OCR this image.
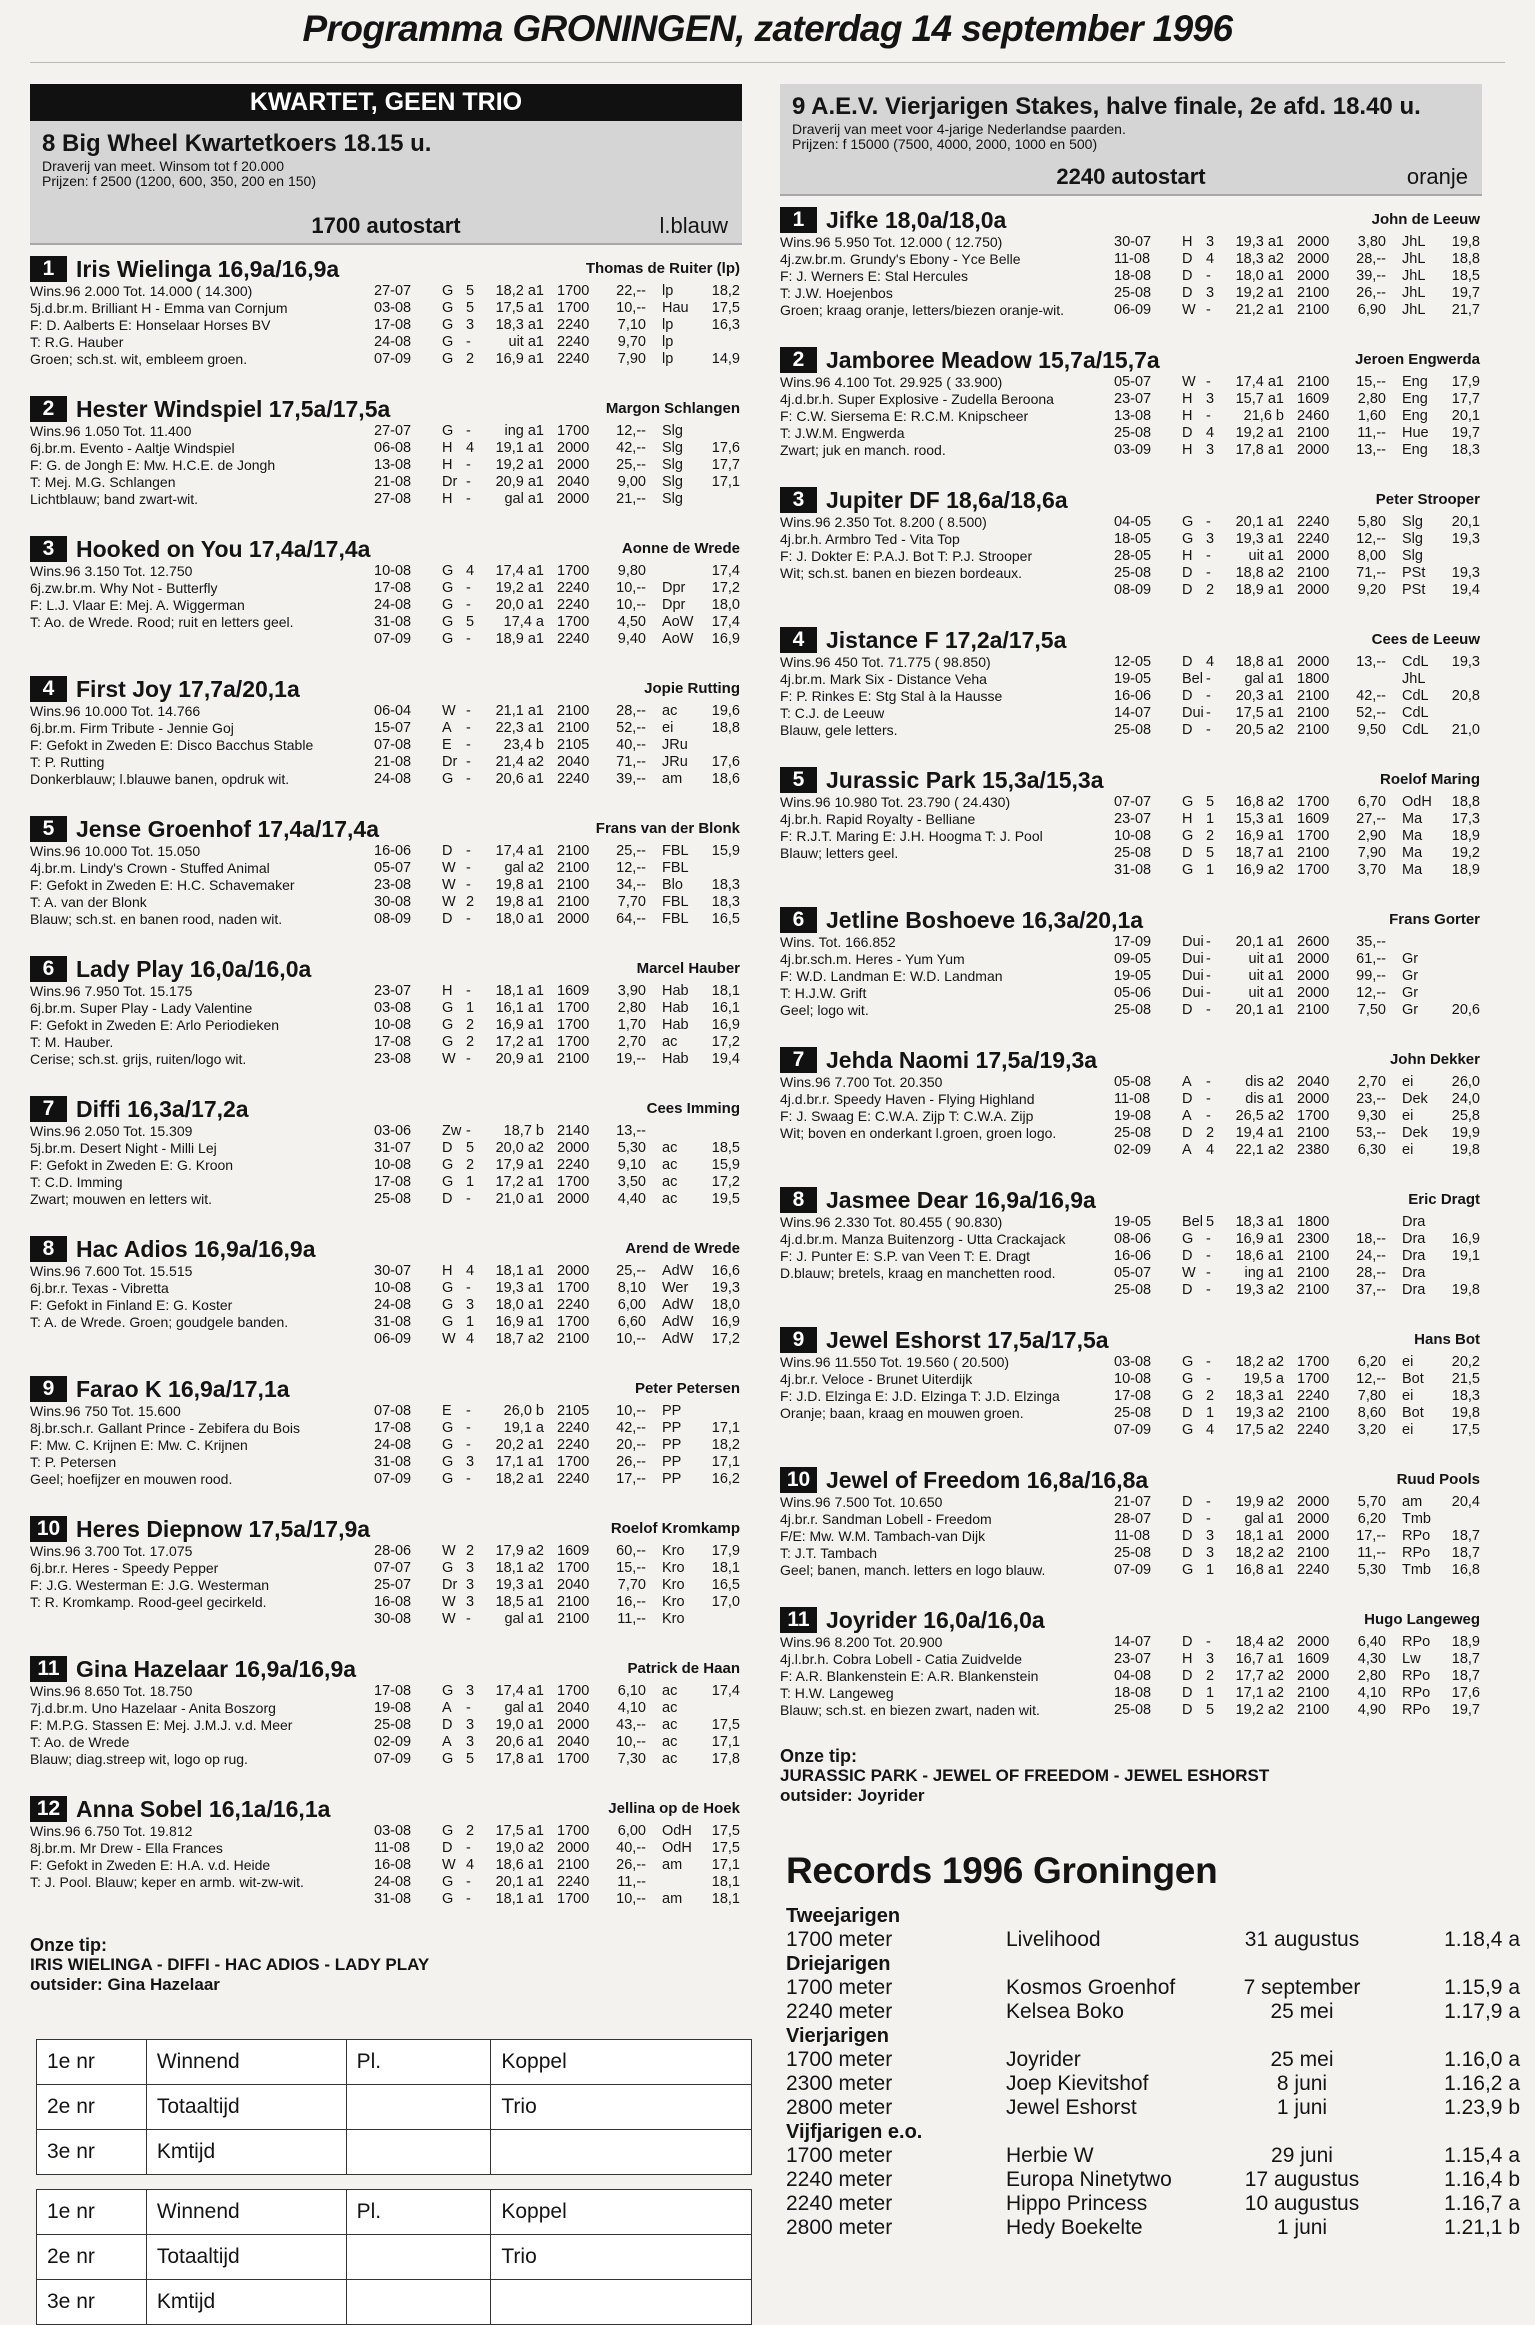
Programma GRONINGEN, zaterdag 14 september 1996
KWARTET, GEEN TRIO
8 Big Wheel Kwartetkoers 18.15 u.
Draverij van meet. Winsom tot f 20.000
Prijzen: f 2500 (1200, 600, 350, 200 en 150)
1700 autostart	l.blauw
1 Iris Wielinga 16,9a/16,9a	Thomas de Ruiter (lp)
Wins.96 2.000 Tot. 14.000 ( 14.300)
5j.d.br.m. Brilliant H - Emma van Cornjum
F: D. Aalberts E: Honselaar Horses BV
T: R.G. Hauber
Groen; sch.st. wit, embleem groen.
27-07 G 5	18,2 a1 1700	22,-- lp	18,2
03-08 G 5	17,5 a1 1700	10,-- Hau	17,5
17-08 G 3	18,3 a1 2240	7,10 lp	16,3
24-08 G -	uit a1 2240	9,70 lp
07-09 G 2	16,9 a1 2240	7,90 lp	14,9
2 Hester Windspiel 17,5a/17,5a	Margon Schlangen
Wins.96 1.050 Tot. 11.400
6j.br.m. Evento - Aaltje Windspiel
F: G. de Jongh E: Mw. H.C.E. de Jongh
T: Mej. M.G. Schlangen
Lichtblauw; band zwart-wit.
27-07 G -	ing a1 1700	12,-- Slg
06-08 H 4	19,1 a1 2000	42,-- Slg	17,6
13-08 H -	19,2 a1 2000	25,-- Slg	17,7
21-08 Dr -	20,9 a1 2040	9,00 Slg	17,1
27-08 H -	gal a1 2000	21,-- Slg
3 Hooked on You 17,4a/17,4a	Aonne de Wrede
Wins.96 3.150 Tot. 12.750
6j.zw.br.m. Why Not - Butterfly
F: L.J. Vlaar E: Mej. A. Wiggerman
T: Ao. de Wrede. Rood; ruit en letters geel.
10-08 G 4	17,4 a1 1700	9,80	17,4
17-08 G -	19,2 a1 2240	10,-- Dpr	17,2
24-08 G -	20,0 a1 2240	10,-- Dpr	18,0
31-08 G 5	17,4 a 1700	4,50 AoW	17,4
07-09 G -	18,9 a1 2240	9,40 AoW	16,9
4 First Joy 17,7a/20,1a	Jopie Rutting
Wins.96 10.000 Tot. 14.766
6j.br.m. Firm Tribute - Jennie Goj
F: Gefokt in Zweden E: Disco Bacchus Stable
T: P. Rutting
Donkerblauw; l.blauwe banen, opdruk wit.
06-04 W -	21,1 a1 2100	28,-- ac	19,6
15-07 A -	22,3 a1 2100	52,-- ei	18,8
07-08 E -	23,4 b 2105	40,-- JRu
21-08 Dr -	21,4 a2 2040	71,-- JRu	17,6
24-08 G -	20,6 a1 2240	39,-- am	18,6
5 Jense Groenhof 17,4a/17,4a	Frans van der Blonk
Wins.96 10.000 Tot. 15.050
4j.br.m. Lindy's Crown - Stuffed Animal
F: Gefokt in Zweden E: H.C. Schavemaker
T: A. van der Blonk
Blauw; sch.st. en banen rood, naden wit.
16-06 D -	17,4 a1 2100	25,-- FBL	15,9
05-07 W -	gal a2 2100	12,-- FBL
23-08 W -	19,8 a1 2100	34,-- Blo	18,3
30-08 W 2	19,8 a1 2100	7,70 FBL	18,3
08-09 D -	18,0 a1 2000	64,-- FBL	16,5
6 Lady Play 16,0a/16,0a	Marcel Hauber
Wins.96 7.950 Tot. 15.175
6j.br.m. Super Play - Lady Valentine
F: Gefokt in Zweden E: Arlo Periodieken
T: M. Hauber.
Cerise; sch.st. grijs, ruiten/logo wit.
23-07 H -	18,1 a1 1609	3,90 Hab	18,1
03-08 G 1	16,1 a1 1700	2,80 Hab	16,1
10-08 G 2	16,9 a1 1700	1,70 Hab	16,9
17-08 G 2	17,2 a1 1700	2,70 ac	17,2
23-08 W -	20,9 a1 2100	19,-- Hab	19,4
7 Diffi 16,3a/17,2a	Cees Imming
Wins.96 2.050 Tot. 15.309
5j.br.m. Desert Night - Milli Lej
F: Gefokt in Zweden E: G. Kroon
T: C.D. Imming
Zwart; mouwen en letters wit.
03-06 Zw -	18,7 b 2140	13,--
31-07 D 5	20,0 a2 2000	5,30 ac	18,5
10-08 G 2	17,9 a1 2240	9,10 ac	15,9
17-08 G 1	17,2 a1 1700	3,50 ac	17,2
25-08 D -	21,0 a1 2000	4,40 ac	19,5
8 Hac Adios 16,9a/16,9a	Arend de Wrede
Wins.96 7.600 Tot. 15.515
6j.br.r. Texas - Vibretta
F: Gefokt in Finland E: G. Koster
T: A. de Wrede. Groen; goudgele banden.
30-07 H 4	18,1 a1 2000	25,-- AdW	16,6
10-08 G -	19,3 a1 1700	8,10 Wer	19,3
24-08 G 3	18,0 a1 2240	6,00 AdW	18,0
31-08 G 1	16,9 a1 1700	6,60 AdW	16,9
06-09 W 4	18,7 a2 2100	10,-- AdW	17,2
9 Farao K 16,9a/17,1a	Peter Petersen
Wins.96 750 Tot. 15.600
8j.br.sch.r. Gallant Prince - Zebifera du Bois
F: Mw. C. Krijnen E: Mw. C. Krijnen
T: P. Petersen
Geel; hoefijzer en mouwen rood.
07-08 E -	26,0 b 2105	10,-- PP
17-08 G -	19,1 a 2240	42,-- PP	17,1
24-08 G -	20,2 a1 2240	20,-- PP	18,2
31-08 G 3	17,1 a1 1700	26,-- PP	17,1
07-09 G -	18,2 a1 2240	17,-- PP	16,2
10 Heres Diepnow 17,5a/17,9a	Roelof Kromkamp
Wins.96 3.700 Tot. 17.075
6j.br.r. Heres - Speedy Pepper
F: J.G. Westerman E: J.G. Westerman
T: R. Kromkamp. Rood-geel gecirkeld.
28-06 W 2	17,9 a2 1609	60,-- Kro	17,9
07-07 G 3	18,1 a2 1700	15,-- Kro	18,1
25-07 Dr 3	19,3 a1 2040	7,70 Kro	16,5
16-08 W 3	18,5 a1 2100	16,-- Kro	17,0
30-08 W -	gal a1 2100	11,-- Kro
11 Gina Hazelaar 16,9a/16,9a	Patrick de Haan
Wins.96 8.650 Tot. 18.750
7j.d.br.m. Uno Hazelaar - Anita Boszorg
F: M.P.G. Stassen E: Mej. J.M.J. v.d. Meer
T: Ao. de Wrede
Blauw; diag.streep wit, logo op rug.
17-08 G 3	17,4 a1 1700	6,10 ac	17,4
19-08 A -	gal a1 2040	4,10 ac
25-08 D 3	19,0 a1 2000	43,-- ac	17,5
02-09 A 3	20,6 a1 2040	10,-- ac	17,1
07-09 G 5	17,8 a1 1700	7,30 ac	17,8
12 Anna Sobel 16,1a/16,1a	Jellina op de Hoek
Wins.96 6.750 Tot. 19.812
8j.br.m. Mr Drew - Ella Frances
F: Gefokt in Zweden E: H.A. v.d. Heide
T: J. Pool. Blauw; keper en armb. wit-zw-wit.
03-08 G 2	17,5 a1 1700	6,00 OdH	17,5
11-08 D -	19,0 a2 2000	40,-- OdH	17,5
16-08 W 4	18,6 a1 2100	26,-- am	17,1
24-08 G -	20,1 a1 2240	11,--	18,1
31-08 G -	18,1 a1 1700	10,-- am	18,1
Onze tip:
IRIS WIELINGA - DIFFI - HAC ADIOS - LADY PLAY
outsider: Gina Hazelaar
1e nr	Winnend	Pl.	Koppel
2e nr	Totaaltijd		Trio
3e nr	Kmtijd		
1e nr	Winnend	Pl.	Koppel
2e nr	Totaaltijd		Trio
3e nr	Kmtijd		
9 A.E.V. Vierjarigen Stakes, halve finale, 2e afd. 18.40 u.
Draverij van meet voor 4-jarige Nederlandse paarden.
Prijzen: f 15000 (7500, 4000, 2000, 1000 en 500)
2240 autostart	oranje
1 Jifke 18,0a/18,0a	John de Leeuw
Wins.96 5.950 Tot. 12.000 ( 12.750)
4j.zw.br.m. Grundy's Ebony - Yce Belle
F: J. Werners E: Stal Hercules
T: J.W. Hoejenbos
Groen; kraag oranje, letters/biezen oranje-wit.
30-07 H 3	19,3 a1 2000	3,80 JhL	19,8
11-08 D 4	18,3 a2 2000	28,-- JhL	18,8
18-08 D -	18,0 a1 2000	39,-- JhL	18,5
25-08 D 3	19,2 a1 2100	26,-- JhL	19,7
06-09 W -	21,2 a1 2100	6,90 JhL	21,7
2 Jamboree Meadow 15,7a/15,7a	Jeroen Engwerda
Wins.96 4.100 Tot. 29.925 ( 33.900)
4j.d.br.h. Super Explosive - Zudella Beroona
F: C.W. Siersema E: R.C.M. Knipscheer
T: J.W.M. Engwerda
Zwart; juk en manch. rood.
05-07 W -	17,4 a1 2100	15,-- Eng	17,9
23-07 H 3	15,7 a1 1609	2,80 Eng	17,7
13-08 H -	21,6 b 2460	1,60 Eng	20,1
25-08 D 4	19,2 a1 2100	11,-- Hue	19,7
03-09 H 3	17,8 a1 2000	13,-- Eng	18,3
3 Jupiter DF 18,6a/18,6a	Peter Strooper
Wins.96 2.350 Tot. 8.200 ( 8.500)
4j.br.h. Armbro Ted - Vita Top
F: J. Dokter E: P.A.J. Bot T: P.J. Strooper
Wit; sch.st. banen en biezen bordeaux.
04-05 G -	20,1 a1 2240	5,80 Slg	20,1
18-05 G 3	19,3 a1 2240	12,-- Slg	19,3
28-05 H -	uit a1 2000	8,00 Slg
25-08 D -	18,8 a2 2100	71,-- PSt	19,3
08-09 D 2	18,9 a1 2000	9,20 PSt	19,4
4 Jistance F 17,2a/17,5a	Cees de Leeuw
Wins.96 450 Tot. 71.775 ( 98.850)
4j.br.m. Mark Six - Distance Veha
F: P. Rinkes E: Stg Stal à la Hausse
T: C.J. de Leeuw
Blauw, gele letters.
12-05 D 4	18,8 a1 2000	13,-- CdL	19,3
19-05 Bel -	gal a1 1800	JhL
16-06 D -	20,3 a1 2100	42,-- CdL	20,8
14-07 Dui -	17,5 a1 2100	52,-- CdL
25-08 D -	20,5 a2 2100	9,50 CdL	21,0
5 Jurassic Park 15,3a/15,3a	Roelof Maring
Wins.96 10.980 Tot. 23.790 ( 24.430)
4j.br.h. Rapid Royalty - Belliane
F: R.J.T. Maring E: J.H. Hoogma T: J. Pool
Blauw; letters geel.
07-07 G 5	16,8 a2 1700	6,70 OdH	18,8
23-07 H 1	15,3 a1 1609	27,-- Ma	17,3
10-08 G 2	16,9 a1 1700	2,90 Ma	18,9
25-08 D 5	18,7 a1 2100	7,90 Ma	19,2
31-08 G 1	16,9 a2 1700	3,70 Ma	18,9
6 Jetline Boshoeve 16,3a/20,1a	Frans Gorter
Wins. Tot. 166.852
4j.br.sch.m. Heres - Yum Yum
F: W.D. Landman E: W.D. Landman
T: H.J.W. Grift
Geel; logo wit.
17-09 Dui -	20,1 a1 2600	35,--
09-05 Dui -	uit a1 2000	61,-- Gr
19-05 Dui -	uit a1 2000	99,-- Gr
05-06 Dui -	uit a1 2000	12,-- Gr
25-08 D -	20,1 a1 2100	7,50 Gr	20,6
7 Jehda Naomi 17,5a/19,3a	John Dekker
Wins.96 7.700 Tot. 20.350
4j.d.br.r. Speedy Haven - Flying Highland
F: J. Swaag E: C.W.A. Zijp T: C.W.A. Zijp
Wit; boven en onderkant l.groen, groen logo.
05-08 A -	dis a2 2040	2,70 ei	26,0
11-08 D -	dis a1 2000	23,-- Dek	24,0
19-08 A -	26,5 a2 1700	9,30 ei	25,8
25-08 D 2	19,4 a1 2100	53,-- Dek	19,9
02-09 A 4	22,1 a2 2380	6,30 ei	19,8
8 Jasmee Dear 16,9a/16,9a	Eric Dragt
Wins.96 2.330 Tot. 80.455 ( 90.830)
4j.d.br.m. Manza Buitenzorg - Utta Crackajack
F: J. Punter E: S.P. van Veen T: E. Dragt
D.blauw; bretels, kraag en manchetten rood.
19-05 Bel 5	18,3 a1 1800	Dra
08-06 G -	16,9 a1 2300	18,-- Dra	16,9
16-06 D -	18,6 a1 2100	24,-- Dra	19,1
05-07 W -	ing a1 2100	28,-- Dra
25-08 D -	19,3 a2 2100	37,-- Dra	19,8
9 Jewel Eshorst 17,5a/17,5a	Hans Bot
Wins.96 11.550 Tot. 19.560 ( 20.500)
4j.br.r. Veloce - Brunet Uiterdijk
F: J.D. Elzinga E: J.D. Elzinga T: J.D. Elzinga
Oranje; baan, kraag en mouwen groen.
03-08 G -	18,2 a2 1700	6,20 ei	20,2
10-08 G -	19,5 a 1700	12,-- Bot	21,5
17-08 G 2	18,3 a1 2240	7,80 ei	18,3
25-08 D 1	19,3 a2 2100	8,60 Bot	19,8
07-09 G 4	17,5 a2 2240	3,20 ei	17,5
10 Jewel of Freedom 16,8a/16,8a	Ruud Pools
Wins.96 7.500 Tot. 10.650
4j.br.r. Sandman Lobell - Freedom
F/E: Mw. W.M. Tambach-van Dijk
T: J.T. Tambach
Geel; banen, manch. letters en logo blauw.
21-07 D -	19,9 a2 2000	5,70 am	20,4
28-07 D -	gal a1 2000	6,20 Tmb
11-08 D 3	18,1 a1 2000	17,-- RPo	18,7
25-08 D 3	18,2 a2 2100	11,-- RPo	18,7
07-09 G 1	16,8 a1 2240	5,30 Tmb	16,8
11 Joyrider 16,0a/16,0a	Hugo Langeweg
Wins.96 8.200 Tot. 20.900
4j.l.br.h. Cobra Lobell - Catia Zuidvelde
F: A.R. Blankenstein E: A.R. Blankenstein
T: H.W. Langeweg
Blauw; sch.st. en biezen zwart, naden wit.
14-07 D -	18,4 a2 2000	6,40 RPo	18,9
23-07 H 3	16,7 a1 1609	4,30 Lw	18,7
04-08 D 2	17,7 a2 2000	2,80 RPo	18,7
18-08 D 1	17,1 a2 2100	4,10 RPo	17,6
25-08 D 5	19,2 a2 2100	4,90 RPo	19,7
Onze tip:
JURASSIC PARK - JEWEL OF FREEDOM - JEWEL ESHORST
outsider: Joyrider
Records 1996 Groningen
Tweejarigen
1700 meter	Livelihood	31 augustus	1.18,4 a
Driejarigen
1700 meter	Kosmos Groenhof	7 september	1.15,9 a
2240 meter	Kelsea Boko	25 mei	1.17,9 a
Vierjarigen
1700 meter	Joyrider	25 mei	1.16,0 a
2300 meter	Joep Kievitshof	8 juni	1.16,2 a
2800 meter	Jewel Eshorst	1 juni	1.23,9 b
Vijfjarigen e.o.
1700 meter	Herbie W	29 juni	1.15,4 a
2240 meter	Europa Ninetytwo	17 augustus	1.16,4 b
2240 meter	Hippo Princess	10 augustus	1.16,7 a
2800 meter	Hedy Boekelte	1 juni	1.21,1 b
